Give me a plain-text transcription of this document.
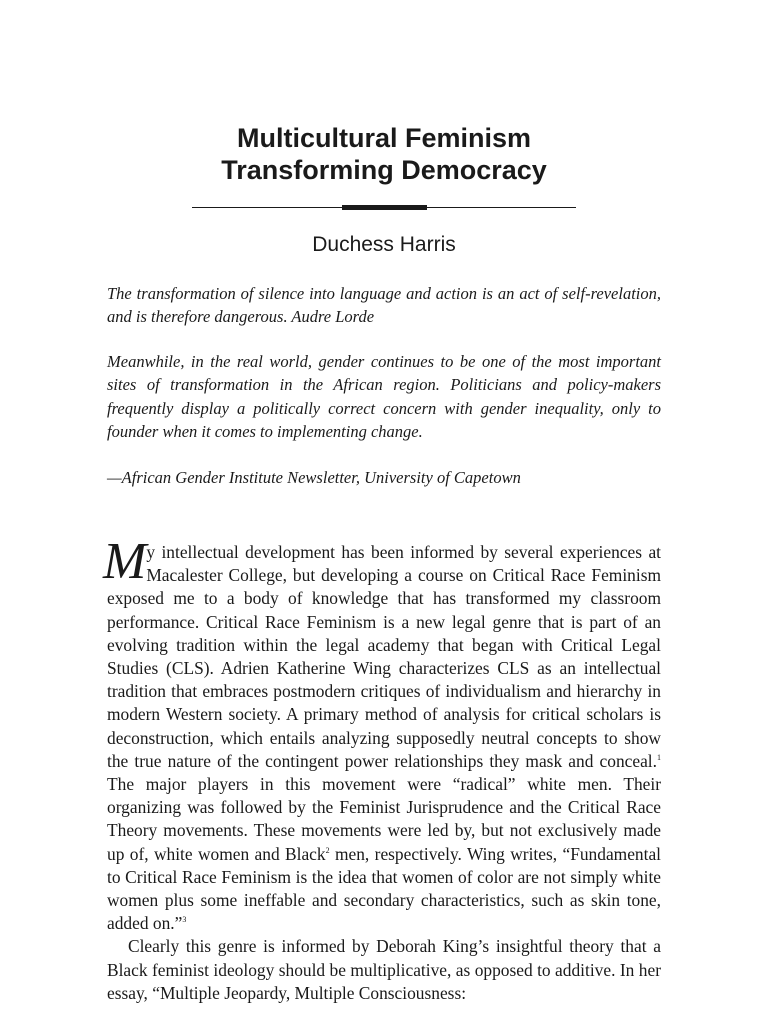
Multicultural Feminism
Transforming Democracy
Duchess Harris

The transformation of silence into language and action is an act of self-revelation, and is therefore dangerous. Audre Lorde

Meanwhile, in the real world, gender continues to be one of the most important sites of transformation in the African region. Politicians and policy-makers frequently display a politically correct concern with gender inequality, only to founder when it comes to implementing change.

—African Gender Institute Newsletter, University of Capetown

My intellectual development has been informed by several experiences at Macalester College, but developing a course on Critical Race Feminism exposed me to a body of knowledge that has transformed my classroom performance. Critical Race Feminism is a new legal genre that is part of an evolving tradition within the legal academy that began with Critical Legal Studies (CLS). Adrien Katherine Wing characterizes CLS as an intellectual tradition that embraces postmodern critiques of individualism and hierarchy in modern Western society. A primary method of analysis for critical scholars is deconstruction, which entails analyzing supposedly neutral concepts to show the true nature of the contingent power relationships they mask and conceal.$^1$ The major players in this movement were “radical” white men. Their organizing was followed by the Feminist Jurisprudence and the Critical Race Theory movements. These movements were led by, but not exclusively made up of, white women and Black$^2$ men, respectively. Wing writes, “Fundamental to Critical Race Feminism is the idea that women of color are not simply white women plus some ineffable and secondary characteristics, such as skin tone, added on.”$^3$

Clearly this genre is informed by Deborah King’s insightful theory that a Black feminist ideology should be multiplicative, as opposed to additive. In her essay, “Multiple Jeopardy, Multiple Consciousness:
